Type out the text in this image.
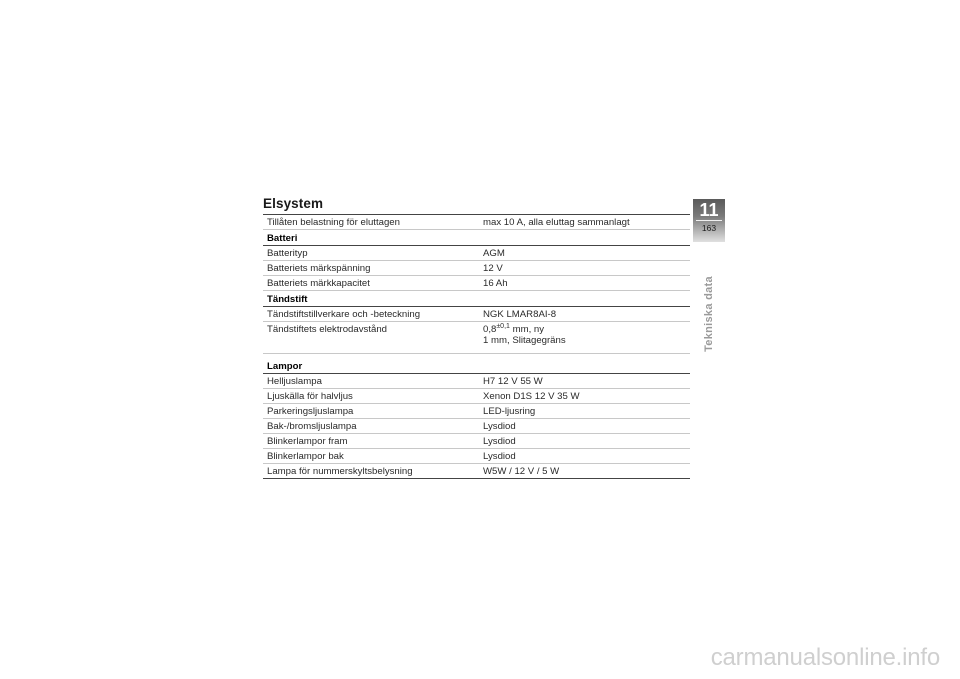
Elsystem
Tillåten belastning för eluttagen	max 10 A, alla eluttag sammanlagt
Batteri	
Batterityp	AGM
Batteriets märkspänning	12 V
Batteriets märkkapacitet	16 Ah
Tändstift	
Tändstiftstillverkare och -beteckning	NGK LMAR8AI-8
Tändstiftets elektrodavstånd	$0,8^{\pm 0,1}$ mm, ny
1 mm, Slitagegräns

Lampor	
Helljuslampa	H7 12 V 55 W
Ljuskälla för halvljus	Xenon D1S 12 V 35 W
Parkeringsljuslampa	LED-ljusring
Bak-/bromsljuslampa	Lysdiod
Blinkerlampor fram	Lysdiod
Blinkerlampor bak	Lysdiod
Lampa för nummerskyltsbelysning	W5W / 12 V / 5 W
11
163
Tekniska data
carmanualsonline.info
